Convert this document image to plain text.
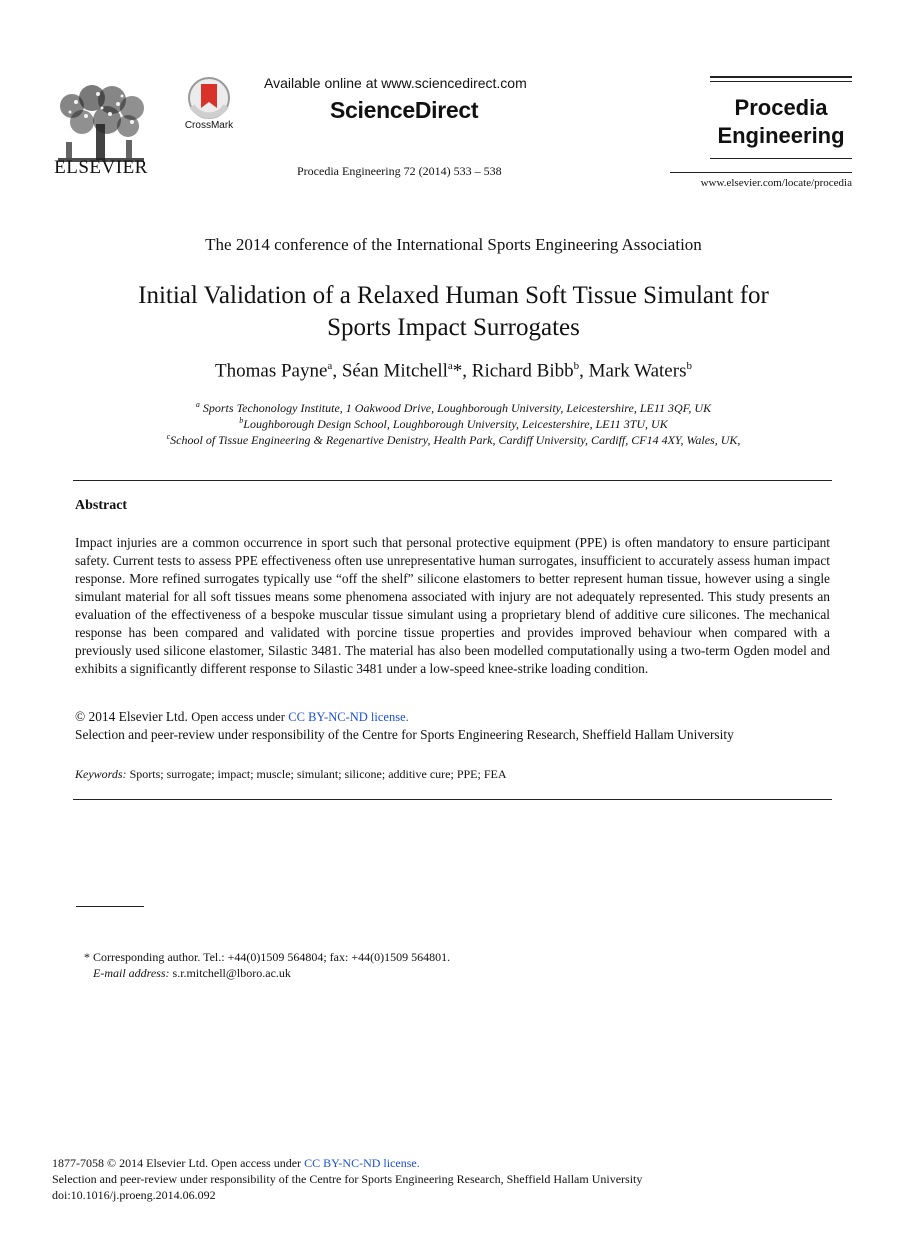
ELSEVIER
CrossMark
Available online at www.sciencedirect.com
ScienceDirect
Procedia Engineering 72 (2014) 533 – 538
Procedia
Engineering
www.elsevier.com/locate/procedia
The 2014 conference of the International Sports Engineering Association
Initial Validation of a Relaxed Human Soft Tissue Simulant for
Sports Impact Surrogates
Thomas Payne$^a$, Séan Mitchell$^a$*, Richard Bibb$^b$, Mark Waters$^b$
$^a$ Sports Techonology Institute, 1 Oakwood Drive, Loughborough University, Leicestershire, LE11 3QF, UK
$^b$Loughborough Design School, Loughborough University, Leicestershire, LE11 3TU, UK
$^c$School of Tissue Engineering & Regenartive Denistry, Health Park, Cardiff University, Cardiff, CF14 4XY, Wales, UK,
Abstract
Impact injuries are a common occurrence in sport such that personal protective equipment (PPE) is often mandatory to ensure participant safety. Current tests to assess PPE effectiveness often use unrepresentative human surrogates, insufficient to accurately assess human impact response. More refined surrogates typically use “off the shelf” silicone elastomers to better represent human tissue, however using a single simulant material for all soft tissues means some phenomena associated with injury are not adequately represented. This study presents an evaluation of the effectiveness of a bespoke muscular tissue simulant using a proprietary blend of additive cure silicones. The mechanical response has been compared and validated with porcine tissue properties and provides improved behaviour when compared with a previously used silicone elastomer, Silastic 3481. The material has also been modelled computationally using a two-term Ogden model and exhibits a significantly different response to Silastic 3481 under a low-speed knee-strike loading condition.
© 2014 Elsevier Ltd. Open access under CC BY-NC-ND license.
Selection and peer-review under responsibility of the Centre for Sports Engineering Research, Sheffield Hallam University
Keywords: Sports; surrogate; impact; muscle; simulant; silicone; additive cure; PPE; FEA
* Corresponding author. Tel.: +44(0)1509 564804; fax: +44(0)1509 564801.
E-mail address: s.r.mitchell@lboro.ac.uk
1877-7058 © 2014 Elsevier Ltd. Open access under CC BY-NC-ND license.
Selection and peer-review under responsibility of the Centre for Sports Engineering Research, Sheffield Hallam University
doi:10.1016/j.proeng.2014.06.092
